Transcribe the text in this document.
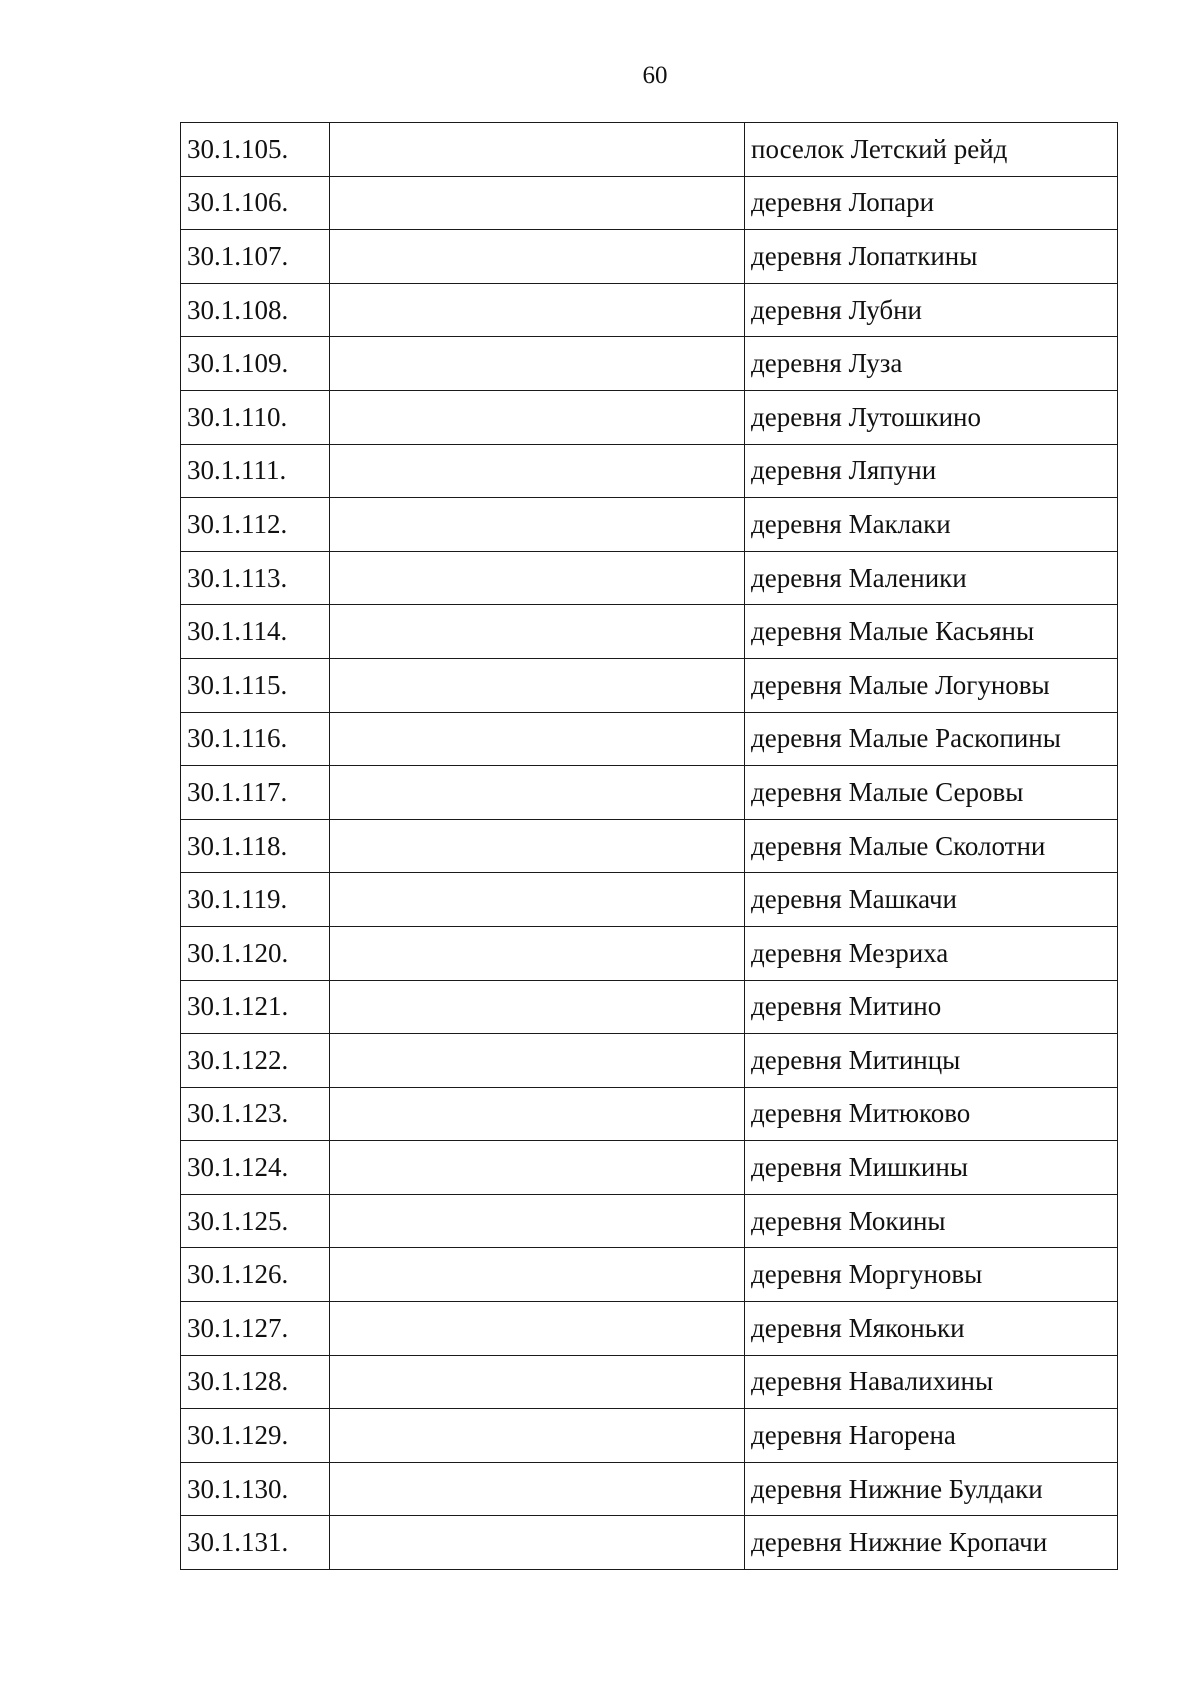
60
30.1.105.		поселок Летский рейд
30.1.106.		деревня Лопари
30.1.107.		деревня Лопаткины
30.1.108.		деревня Лубни
30.1.109.		деревня Луза
30.1.110.		деревня Лутошкино
30.1.111.		деревня Ляпуни
30.1.112.		деревня Маклаки
30.1.113.		деревня Маленики
30.1.114.		деревня Малые Касьяны
30.1.115.		деревня Малые Логуновы
30.1.116.		деревня Малые Раскопины
30.1.117.		деревня Малые Серовы
30.1.118.		деревня Малые Сколотни
30.1.119.		деревня Машкачи
30.1.120.		деревня Мезриха
30.1.121.		деревня Митино
30.1.122.		деревня Митинцы
30.1.123.		деревня Митюково
30.1.124.		деревня Мишкины
30.1.125.		деревня Мокины
30.1.126.		деревня Моргуновы
30.1.127.		деревня Мяконьки
30.1.128.		деревня Навалихины
30.1.129.		деревня Нагорена
30.1.130.		деревня Нижние Булдаки
30.1.131.		деревня Нижние Кропачи
